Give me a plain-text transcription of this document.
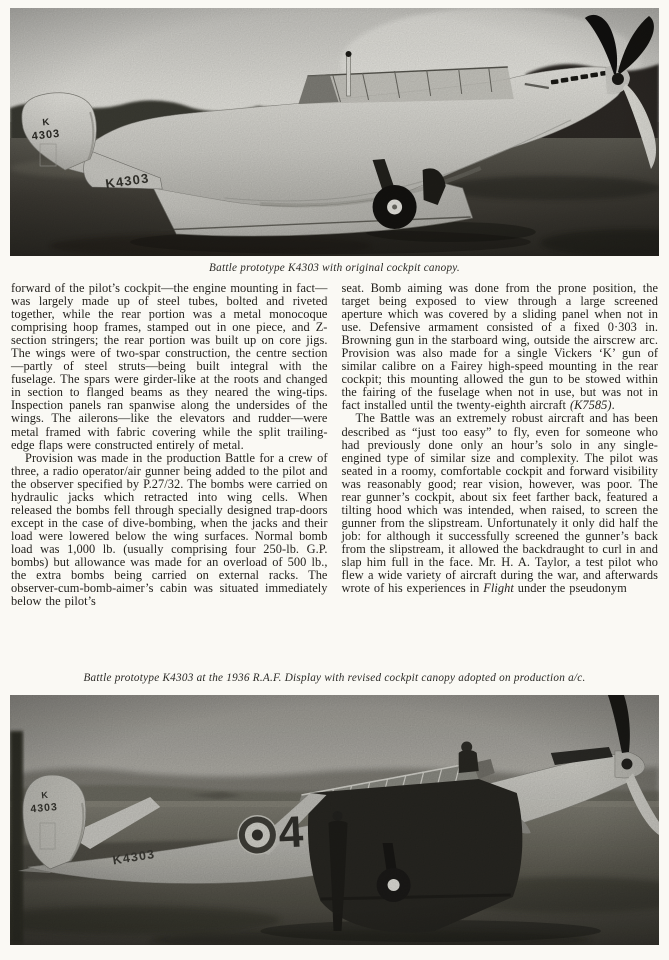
Battle prototype K4303 with original cockpit canopy.

forward of the pilot’s cockpit—the engine mounting in fact—was largely made up of steel tubes, bolted and riveted together, while the rear portion was a metal monocoque comprising hoop frames, stamped out in one piece, and Z-section stringers; the rear portion was built up on core jigs. The wings were of two-spar construction, the centre section—partly of steel struts—being built integral with the fuselage. The spars were girder-like at the roots and changed in section to flanged beams as they neared the wing-tips. Inspection panels ran spanwise along the undersides of the wings. The ailerons—like the elevators and rudder—were metal framed with fabric covering while the split trailing-edge flaps were constructed entirely of metal.

Provision was made in the production Battle for a crew of three, a radio operator/air gunner being added to the pilot and the observer specified by P.27/32. The bombs were carried on hydraulic jacks which retracted into wing cells. When released the bombs fell through specially designed trap-doors except in the case of dive-bombing, when the jacks and their load were lowered below the wing surfaces. Normal bomb load was 1,000 lb. (usually comprising four 250-lb. G.P. bombs) but allowance was made for an overload of 500 lb., the extra bombs being carried on external racks. The observer-cum-bomb-aimer’s cabin was situated immediately below the pilot’s

seat. Bomb aiming was done from the prone position, the target being exposed to view through a large screened aperture which was covered by a sliding panel when not in use. Defensive armament consisted of a fixed 0·303 in. Browning gun in the starboard wing, outside the airscrew arc. Provision was also made for a single Vickers ‘K’ gun of similar calibre on a Fairey high-speed mounting in the rear cockpit; this mounting allowed the gun to be stowed within the fairing of the fuselage when not in use, but was not in fact installed until the twenty-eighth aircraft (K7585).

The Battle was an extremely robust aircraft and has been described as “just too easy” to fly, even for someone who had previously done only an hour’s solo in any single-engined type of similar size and complexity. The pilot was seated in a roomy, comfortable cockpit and forward visibility was reasonably good; rear vision, however, was poor. The rear gunner’s cockpit, about six feet farther back, featured a tilting hood which was intended, when raised, to screen the gunner from the slipstream. Unfortunately it only did half the job: for although it successfully screened the gunner’s back from the slipstream, it allowed the backdraught to curl in and slap him full in the face. Mr. H. A. Taylor, a test pilot who flew a wide variety of aircraft during the war, and afterwards wrote of his experiences in Flight under the pseudonym

Battle prototype K4303 at the 1936 R.A.F. Display with revised cockpit canopy adopted on production a/c.
